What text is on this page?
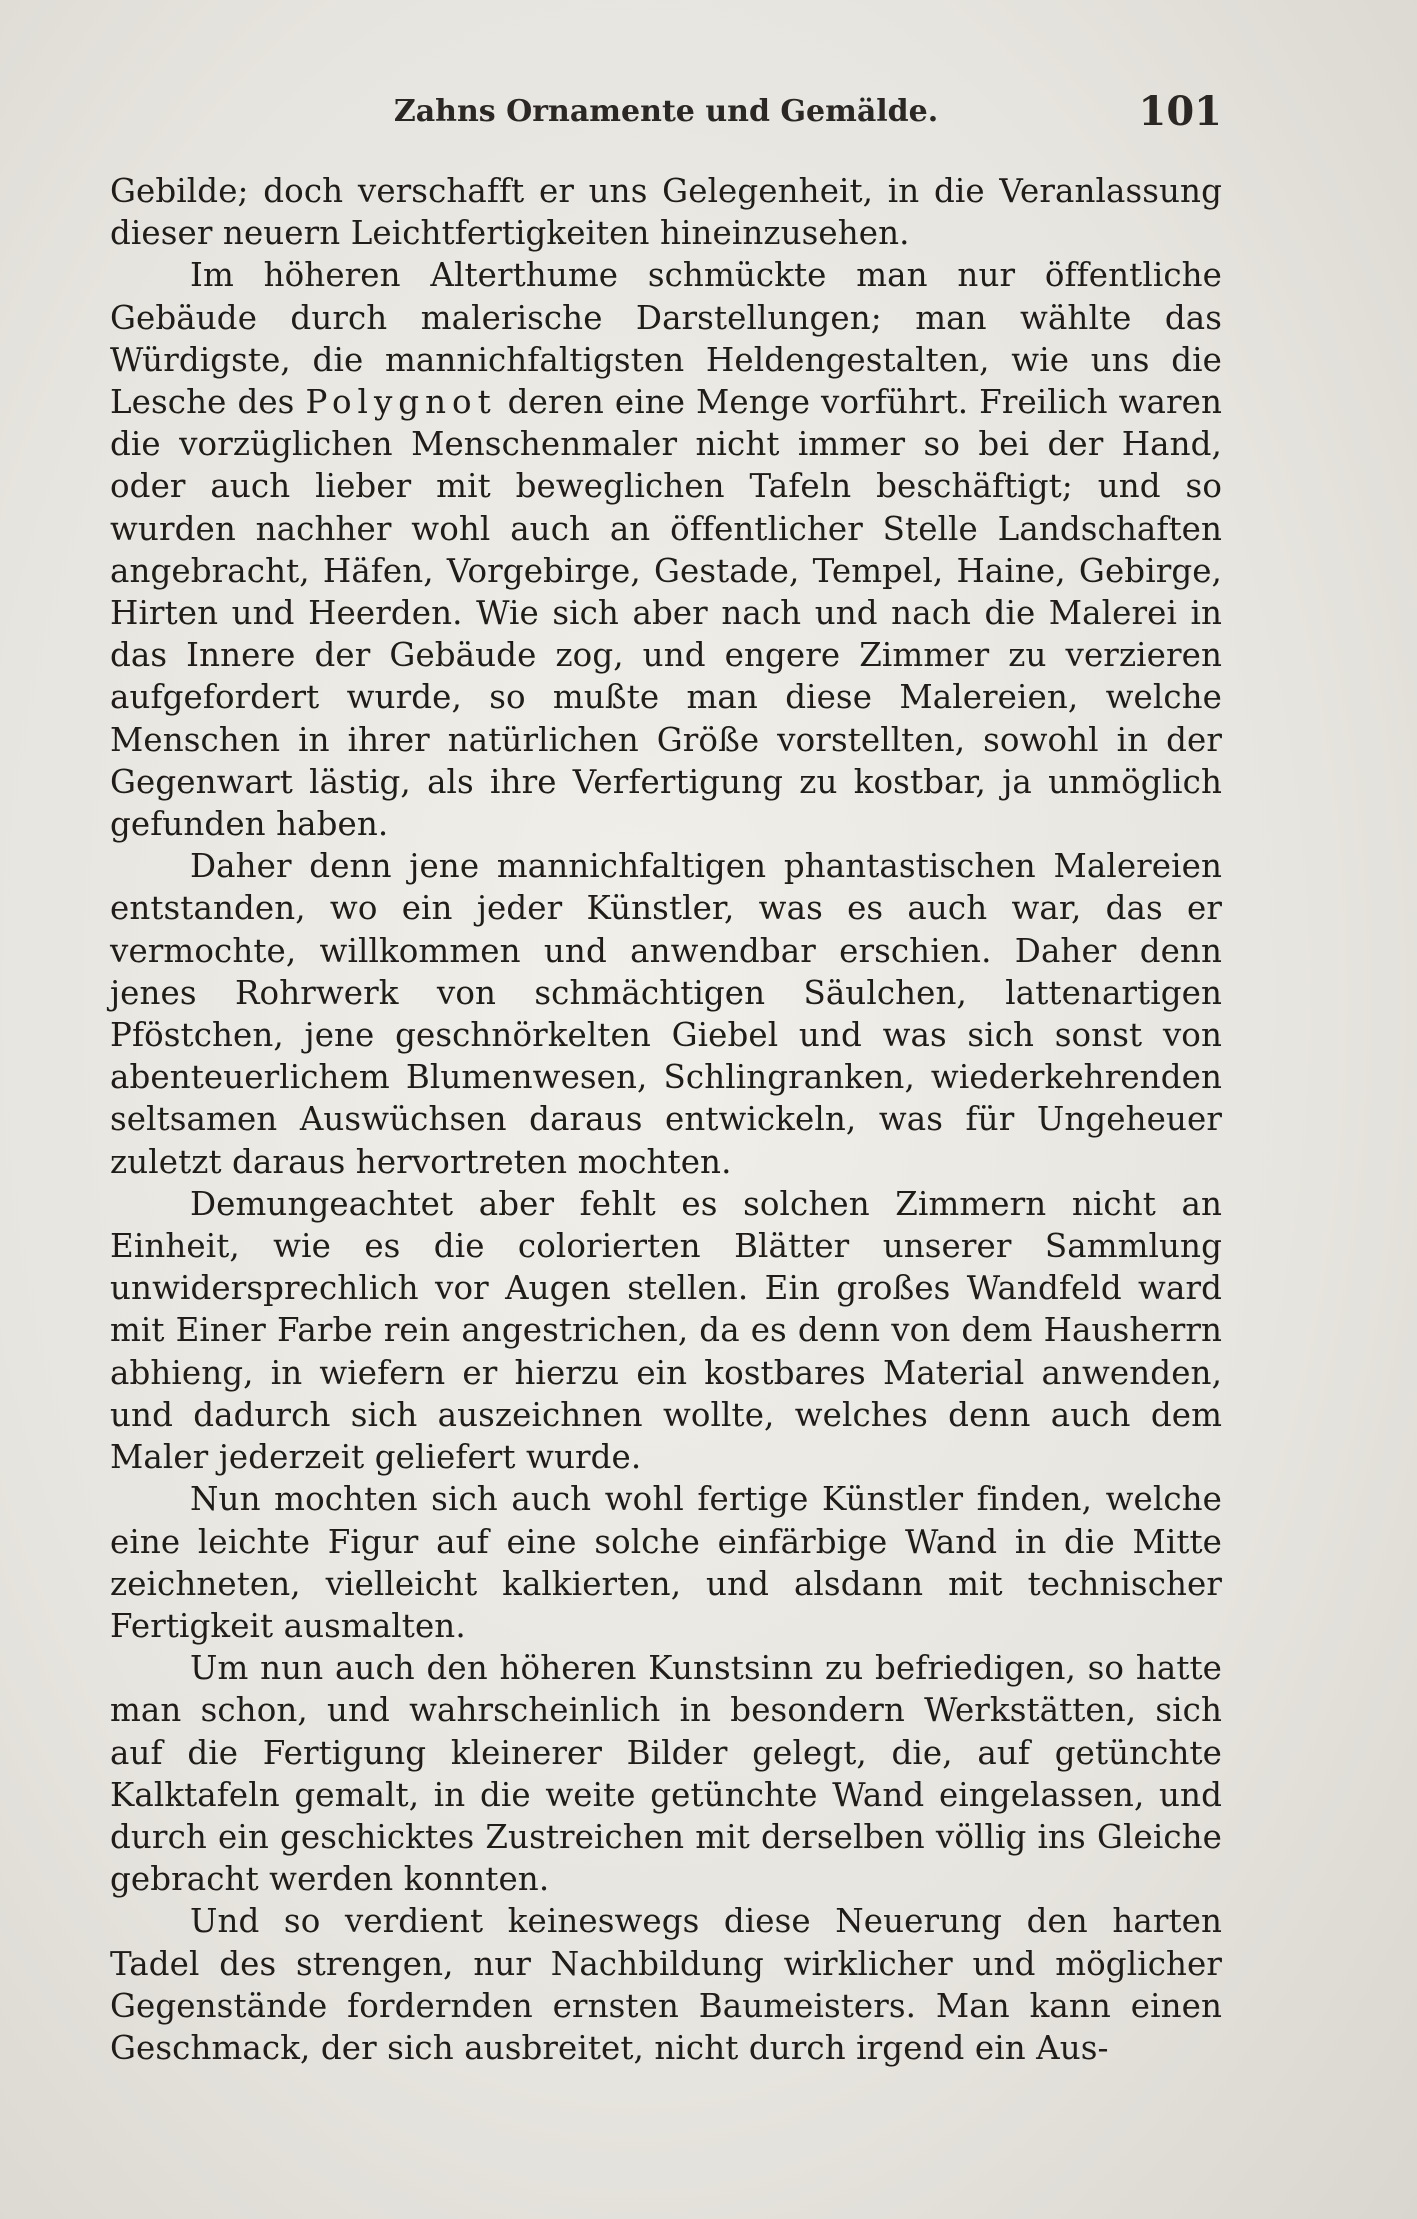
Zahns Ornamente und Gemälde.	101

Gebilde; doch verschafft er uns Gelegenheit, in die Veranlassung dieser neuern Leichtfertigkeiten hineinzusehen.

Im höheren Alterthume schmückte man nur öffentliche Gebäude durch malerische Darstellungen; man wählte das Würdigste, die mannichfaltigsten Heldengestalten, wie uns die Lesche des Polygnot deren eine Menge vorführt. Freilich waren die vorzüglichen Menschenmaler nicht immer so bei der Hand, oder auch lieber mit beweglichen Tafeln beschäftigt; und so wurden nachher wohl auch an öffentlicher Stelle Landschaften angebracht, Häfen, Vorgebirge, Gestade, Tempel, Haine, Gebirge, Hirten und Heerden. Wie sich aber nach und nach die Malerei in das Innere der Gebäude zog, und engere Zimmer zu verzieren aufgefordert wurde, so mußte man diese Malereien, welche Menschen in ihrer natürlichen Größe vorstellten, sowohl in der Gegenwart lästig, als ihre Verfertigung zu kostbar, ja unmöglich gefunden haben.

Daher denn jene mannichfaltigen phantastischen Malereien entstanden, wo ein jeder Künstler, was es auch war, das er vermochte, willkommen und anwendbar erschien. Daher denn jenes Rohrwerk von schmächtigen Säulchen, lattenartigen Pföstchen, jene geschnörkelten Giebel und was sich sonst von abenteuerlichem Blumenwesen, Schlingranken, wiederkehrenden seltsamen Auswüchsen daraus entwickeln, was für Ungeheuer zuletzt daraus hervortreten mochten.

Demungeachtet aber fehlt es solchen Zimmern nicht an Einheit, wie es die colorierten Blätter unserer Sammlung unwidersprechlich vor Augen stellen. Ein großes Wandfeld ward mit Einer Farbe rein angestrichen, da es denn von dem Hausherrn abhieng, in wiefern er hierzu ein kostbares Material anwenden, und dadurch sich auszeichnen wollte, welches denn auch dem Maler jederzeit geliefert wurde.

Nun mochten sich auch wohl fertige Künstler finden, welche eine leichte Figur auf eine solche einfärbige Wand in die Mitte zeichneten, vielleicht kalkierten, und alsdann mit technischer Fertigkeit ausmalten.

Um nun auch den höheren Kunstsinn zu befriedigen, so hatte man schon, und wahrscheinlich in besondern Werkstätten, sich auf die Fertigung kleinerer Bilder gelegt, die, auf getünchte Kalktafeln gemalt, in die weite getünchte Wand eingelassen, und durch ein geschicktes Zustreichen mit derselben völlig ins Gleiche gebracht werden konnten.

Und so verdient keineswegs diese Neuerung den harten Tadel des strengen, nur Nachbildung wirklicher und möglicher Gegenstände fordernden ernsten Baumeisters. Man kann einen Geschmack, der sich ausbreitet, nicht durch irgend ein Aus-
